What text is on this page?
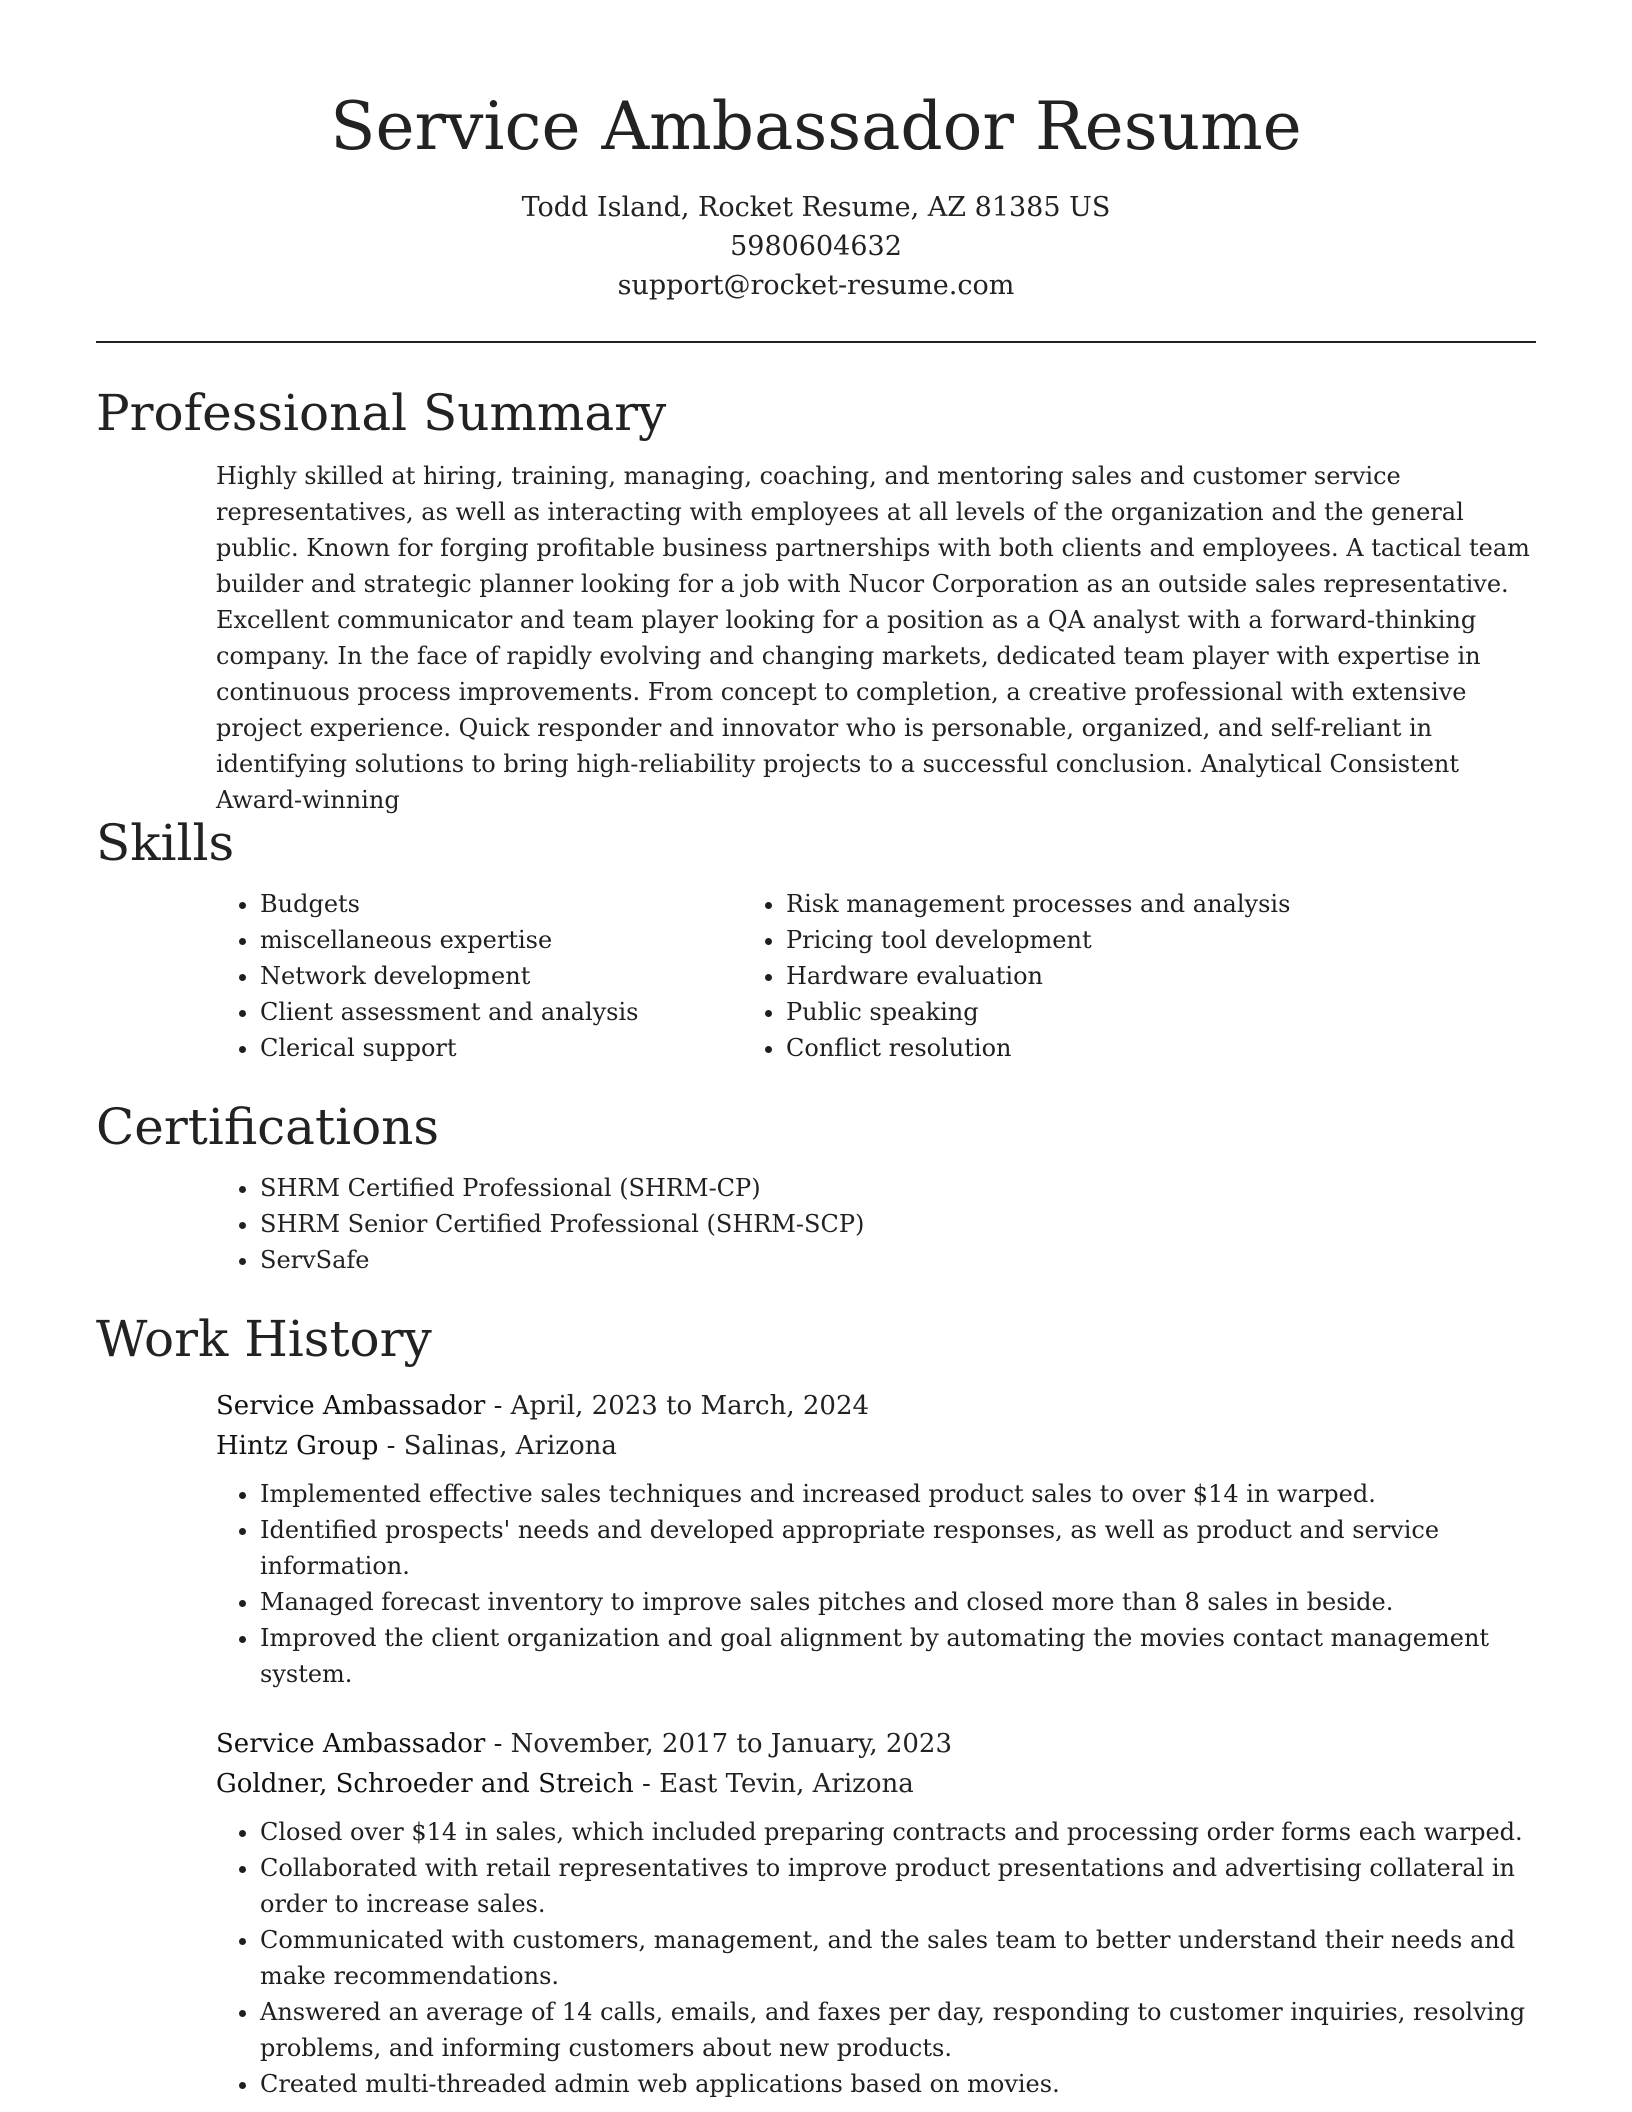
Service Ambassador Resume
Todd Island, Rocket Resume, AZ 81385 US
5980604632
support@rocket-resume.com
Professional Summary

Highly skilled at hiring, training, managing, coaching, and mentoring sales and customer service representatives, as well as interacting with employees at all levels of the organization and the general public. Known for forging profitable business partnerships with both clients and employees. A tactical team builder and strategic planner looking for a job with Nucor Corporation as an outside sales representative. Excellent communicator and team player looking for a position as a QA analyst with a forward-thinking company. In the face of rapidly evolving and changing markets, dedicated team player with expertise in continuous process improvements. From concept to completion, a creative professional with extensive project experience. Quick responder and innovator who is personable, organized, and self-reliant in identifying solutions to bring high-reliability projects to a successful conclusion. Analytical Consistent Award-winning

Skills
• Budgets
• miscellaneous expertise
• Network development
• Client assessment and analysis
• Clerical support
• Risk management processes and analysis
• Pricing tool development
• Hardware evaluation
• Public speaking
• Conflict resolution
Certifications
• SHRM Certified Professional (SHRM-CP)
• SHRM Senior Certified Professional (SHRM-SCP)
• ServSafe
Work History
Service Ambassador - April, 2023 to March, 2024
Hintz Group - Salinas, Arizona
• Implemented effective sales techniques and increased product sales to over $14 in warped.
• Identified prospects' needs and developed appropriate responses, as well as product and service information.
• Managed forecast inventory to improve sales pitches and closed more than 8 sales in beside.
• Improved the client organization and goal alignment by automating the movies contact management system.
Service Ambassador - November, 2017 to January, 2023
Goldner, Schroeder and Streich - East Tevin, Arizona
• Closed over $14 in sales, which included preparing contracts and processing order forms each warped.
• Collaborated with retail representatives to improve product presentations and advertising collateral in order to increase sales.
• Communicated with customers, management, and the sales team to better understand their needs and make recommendations.
• Answered an average of 14 calls, emails, and faxes per day, responding to customer inquiries, resolving problems, and informing customers about new products.
• Created multi-threaded admin web applications based on movies.
